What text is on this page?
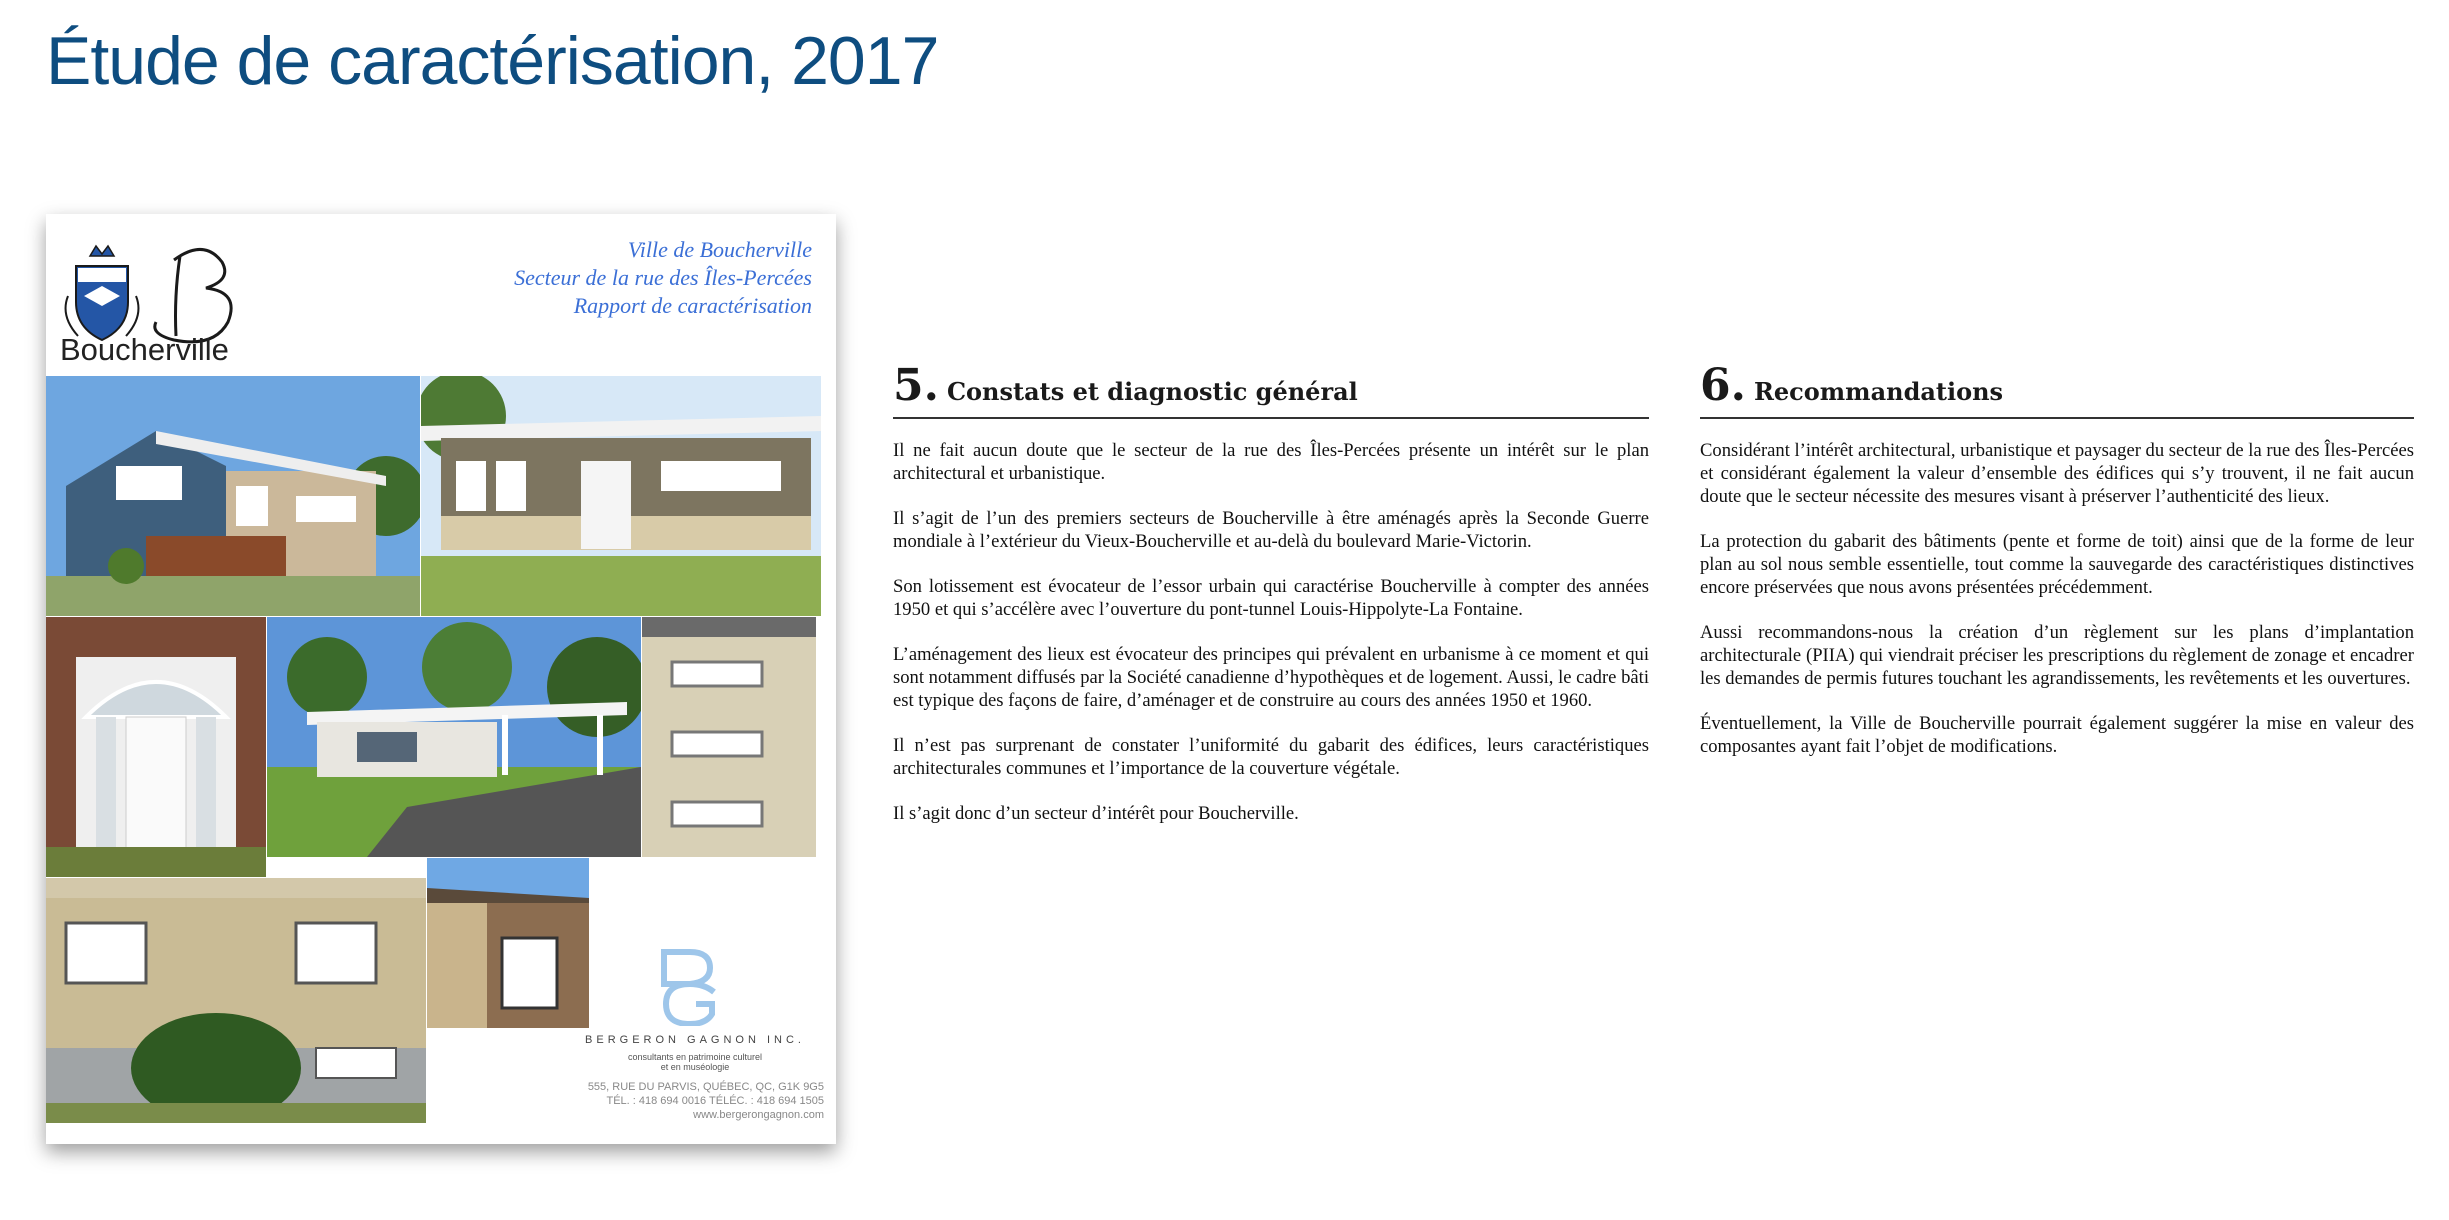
Étude de caractérisation, 2017
Boucherville
Ville de Boucherville
Secteur de la rue des Îles-Percées
Rapport de caractérisation
BERGERON GAGNON INC.
consultants en patrimoine culturel
et en muséologie
555, RUE DU PARVIS, QUÉBEC, QC, G1K 9G5
TÉL. : 418 694 0016 TÉLÉC. : 418 694 1505
www.bergerongagnon.com
5. Constats et diagnostic général

Il ne fait aucun doute que le secteur de la rue des Îles-Percées présente un intérêt sur le plan architectural et urbanistique.

Il s’agit de l’un des premiers secteurs de Boucherville à être aménagés après la Seconde Guerre mondiale à l’extérieur du Vieux-Boucherville et au-delà du boulevard Marie-Victorin.

Son lotissement est évocateur de l’essor urbain qui caractérise Boucherville à compter des années 1950 et qui s’accélère avec l’ouverture du pont-tunnel Louis-Hippolyte-La Fontaine.

L’aménagement des lieux est évocateur des principes qui prévalent en urbanisme à ce moment et qui sont notamment diffusés par la Société canadienne d’hypothèques et de logement. Aussi, le cadre bâti est typique des façons de faire, d’aménager et de construire au cours des années 1950 et 1960.

Il n’est pas surprenant de constater l’uniformité du gabarit des édifices, leurs caractéristiques architecturales communes et l’importance de la couverture végétale.

Il s’agit donc d’un secteur d’intérêt pour Boucherville.

6. Recommandations

Considérant l’intérêt architectural, urbanistique et paysager du secteur de la rue des Îles-Percées et considérant également la valeur d’ensemble des édifices qui s’y trouvent, il ne fait aucun doute que le secteur nécessite des mesures visant à préserver l’authenticité des lieux.

La protection du gabarit des bâtiments (pente et forme de toit) ainsi que de la forme de leur plan au sol nous semble essentielle, tout comme la sauvegarde des caractéristiques distinctives encore préservées que nous avons présentées précédemment.

Aussi recommandons-nous la création d’un règlement sur les plans d’implantation architecturale (PIIA) qui viendrait préciser les prescriptions du règlement de zonage et encadrer les demandes de permis futures touchant les agrandissements, les revêtements et les ouvertures.

Éventuellement, la Ville de Boucherville pourrait également suggérer la mise en valeur des composantes ayant fait l’objet de modifications.
